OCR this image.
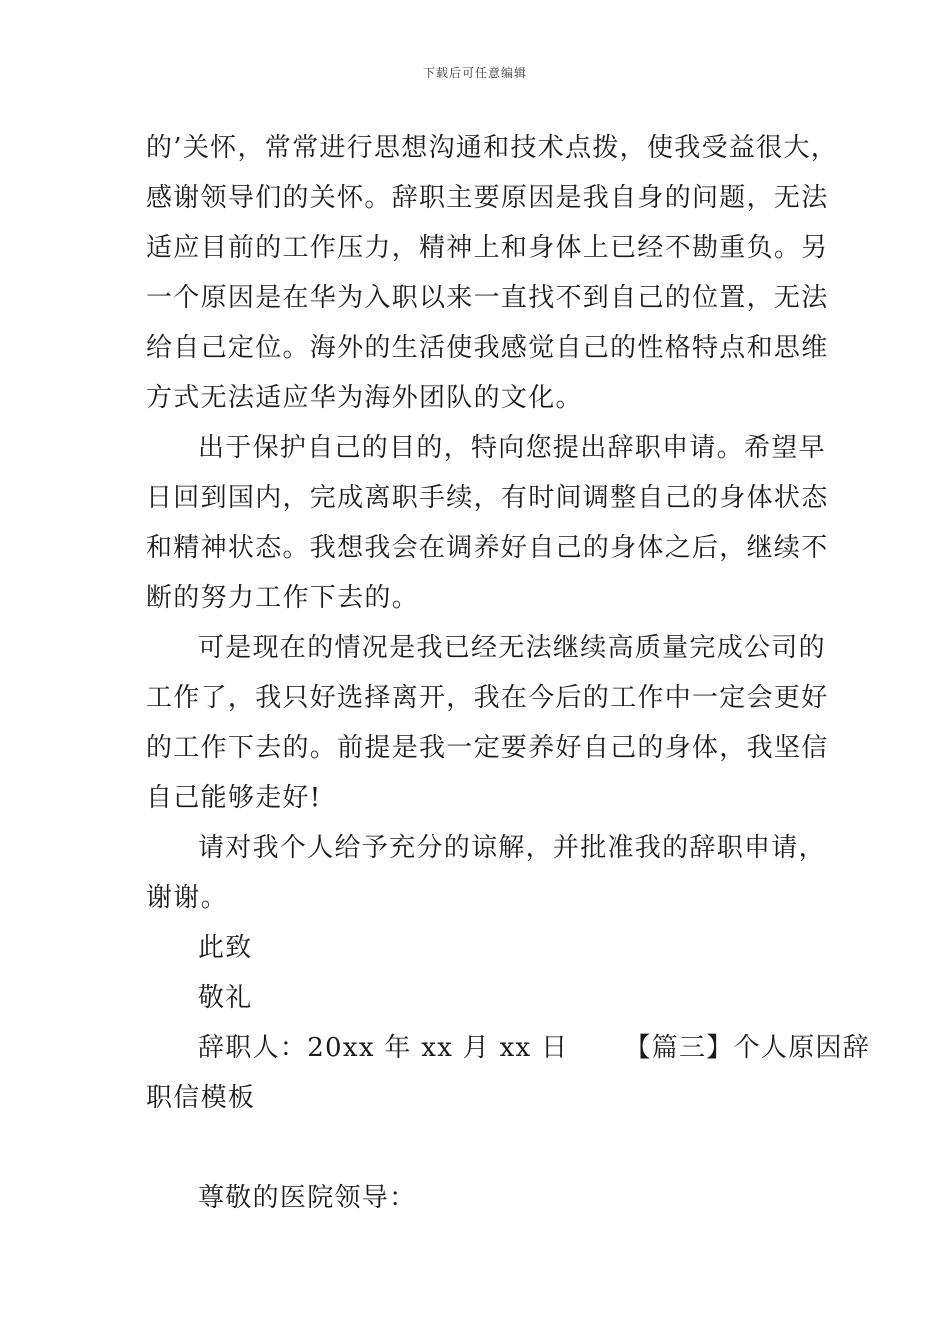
下载后可任意编辑
的’关怀，常常进行思想沟通和技术点拨，使我受益很大，
感谢领导们的关怀。辞职主要原因是我自身的问题，无法
适应目前的工作压力，精神上和身体上已经不勘重负。另
一个原因是在华为入职以来一直找不到自己的位置，无法
给自己定位。海外的生活使我感觉自己的性格特点和思维
方式无法适应华为海外团队的文化。
出于保护自己的目的，特向您提出辞职申请。希望早
日回到国内，完成离职手续，有时间调整自己的身体状态
和精神状态。我想我会在调养好自己的身体之后，继续不
断的努力工作下去的。
可是现在的情况是我已经无法继续高质量完成公司的
工作了，我只好选择离开，我在今后的工作中一定会更好
的工作下去的。前提是我一定要养好自己的身体，我坚信
自己能够走好!
请对我个人给予充分的谅解，并批准我的辞职申请，
谢谢。
此致
敬礼
辞职人：20xx 年 xx 月 xx 日 【篇三】个人原因辞
职信模板
尊敬的医院领导：
